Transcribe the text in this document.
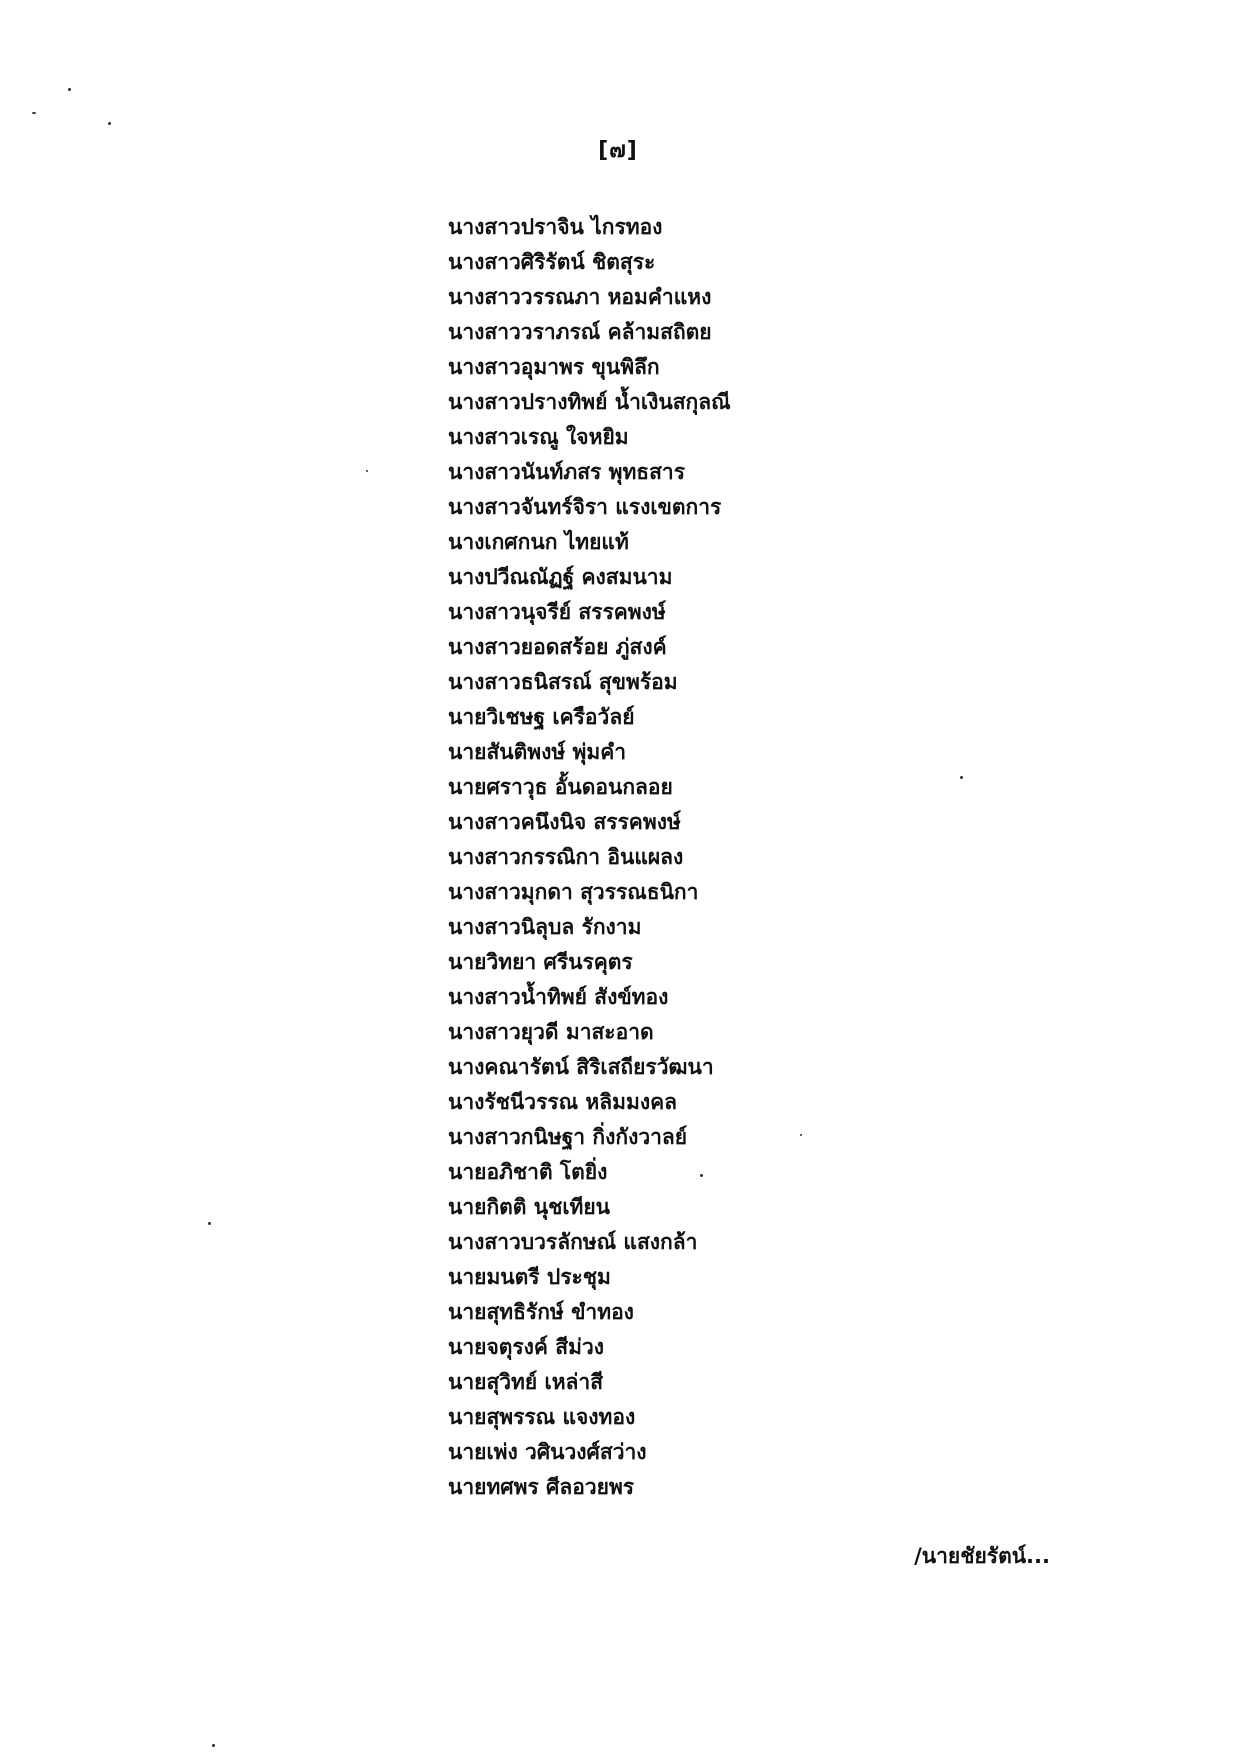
[๗]
นางสาวปราจิน ไกรทอง
นางสาวศิริรัตน์ ชิตสุระ
นางสาววรรณภา หอมคำแหง
นางสาววราภรณ์ คล้ามสถิตย
นางสาวอุมาพร ขุนพิลึก
นางสาวปรางทิพย์ น้ำเงินสกุลณี
นางสาวเรณู ใจหยิม
นางสาวนันท์ภสร พุทธสาร
นางสาวจันทร์จิรา แรงเขตการ
นางเกศกนก ไทยแท้
นางปวีณณัฏฐ์ คงสมนาม
นางสาวนุจรีย์ สรรคพงษ์
นางสาวยอดสร้อย ภู่สงค์
นางสาวธนิสรณ์ สุขพร้อม
นายวิเชษฐ เครือวัลย์
นายสันติพงษ์ พุ่มคำ
นายศราวุธ อั้นดอนกลอย
นางสาวคนึงนิจ สรรคพงษ์
นางสาวกรรณิกา อินแผลง
นางสาวมุกดา สุวรรณธนิกา
นางสาวนิลุบล รักงาม
นายวิทยา ศรีนรคุตร
นางสาวน้ำทิพย์ สังข์ทอง
นางสาวยุวดี มาสะอาด
นางคณารัตน์ สิริเสถียรวัฒนา
นางรัชนีวรรณ หลิมมงคล
นางสาวกนิษฐา กิ่งกังวาลย์
นายอภิชาติ โตยิ่ง
นายกิตติ นุชเทียน
นางสาวบวรลักษณ์ แสงกล้า
นายมนตรี ประชุม
นายสุทธิรักษ์ ขำทอง
นายจตุรงค์ สีม่วง
นายสุวิทย์ เหล่าสี
นายสุพรรณ แจงทอง
นายเพ่ง วศินวงศ์สว่าง
นายทศพร ศีลอวยพร
/นายชัยรัตน์...
